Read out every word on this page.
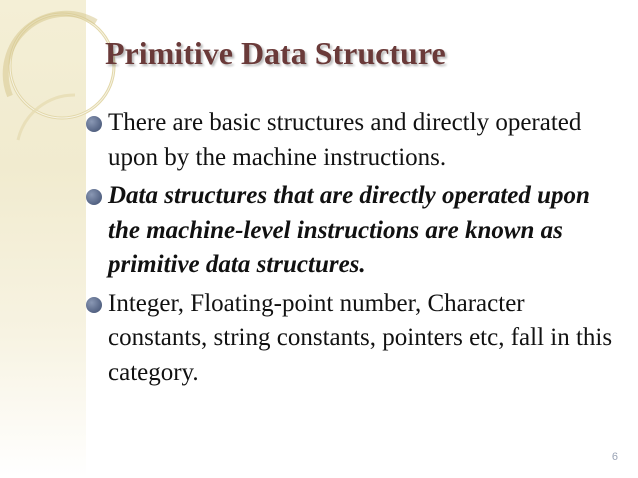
Primitive Data Structure
There are basic structures and directly operated upon by the machine instructions.
Data structures that are directly operated upon the machine-level instructions are known as primitive data structures.
Integer, Floating-point number, Character constants, string constants, pointers etc, fall in this category.
6
